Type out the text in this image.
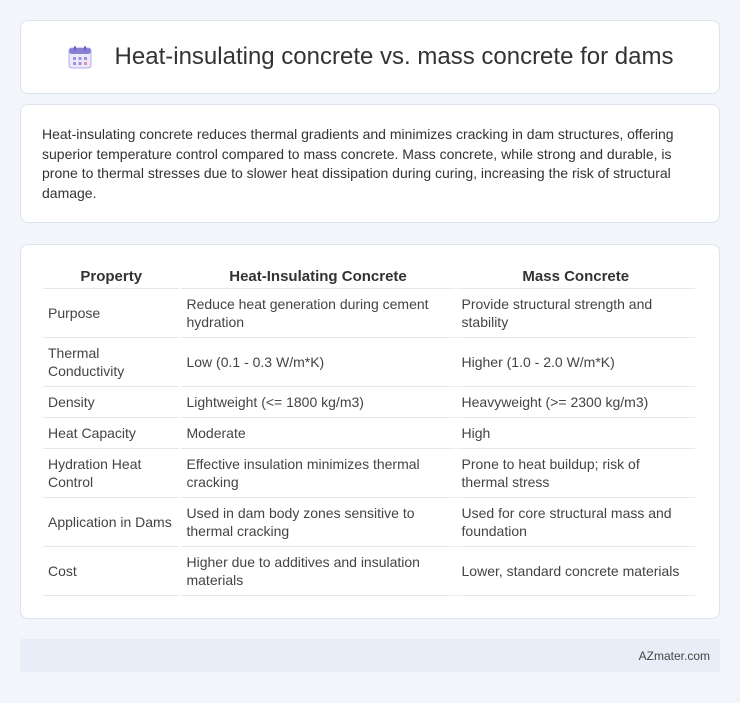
Heat-insulating concrete vs. mass concrete for dams

Heat-insulating concrete reduces thermal gradients and minimizes cracking in dam structures, offering superior temperature control compared to mass concrete. Mass concrete, while strong and durable, is prone to thermal stresses due to slower heat dissipation during curing, increasing the risk of structural damage.

Property	Heat-Insulating Concrete	Mass Concrete
Purpose	Reduce heat generation during cement hydration	Provide structural strength and stability
Thermal Conductivity	Low (0.1 - 0.3 W/m*K)	Higher (1.0 - 2.0 W/m*K)
Density	Lightweight (<= 1800 kg/m3)	Heavyweight (>= 2300 kg/m3)
Heat Capacity	Moderate	High
Hydration Heat Control	Effective insulation minimizes thermal cracking	Prone to heat buildup; risk of thermal stress
Application in Dams	Used in dam body zones sensitive to thermal cracking	Used for core structural mass and foundation
Cost	Higher due to additives and insulation materials	Lower, standard concrete materials
AZmater.com
